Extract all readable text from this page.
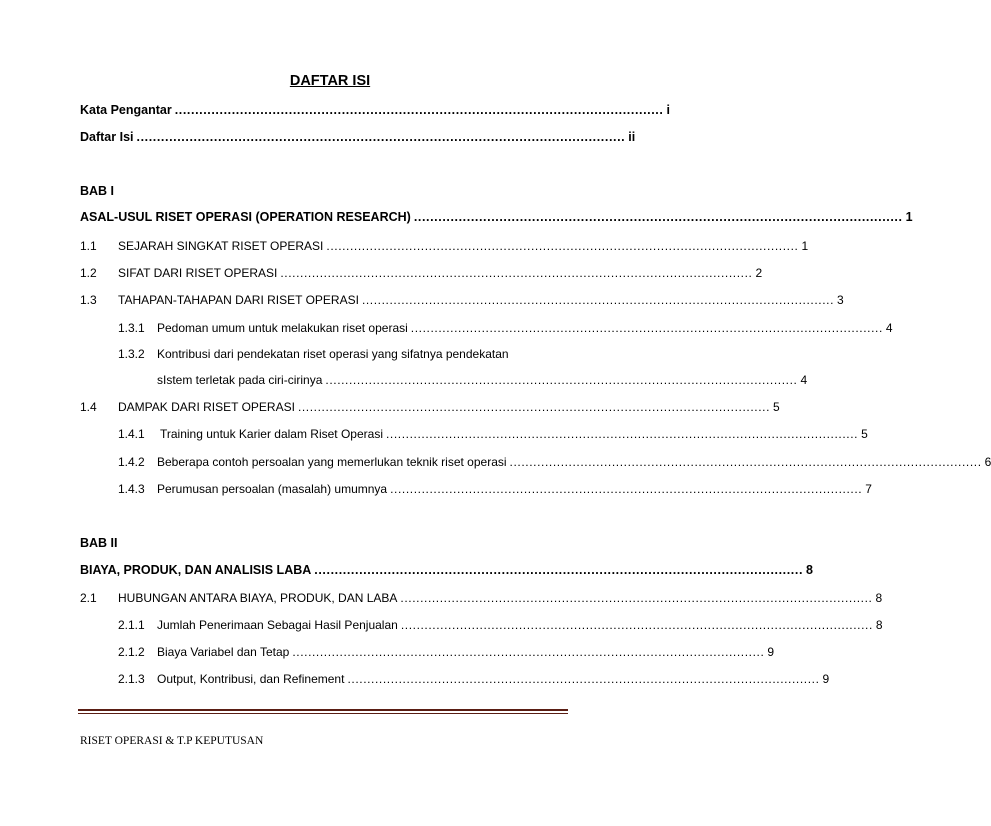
DAFTAR ISI
Kata Pengantar ........................................................................................................................ i
Daftar Isi ........................................................................................................................ ii
BAB I
ASAL-USUL RISET OPERASI (OPERATION RESEARCH) ........................................................................................................................ 1
1.1	SEJARAH SINGKAT RISET OPERASI ........................................................................................................................ 1
1.2	SIFAT DARI RISET OPERASI ........................................................................................................................ 2
1.3	TAHAPAN-TAHAPAN DARI RISET OPERASI ........................................................................................................................ 3
1.3.1	Pedoman umum untuk melakukan riset operasi ........................................................................................................................ 4
1.3.2	Kontribusi dari pendekatan riset operasi yang sifatnya pendekatan
sIstem terletak pada ciri-cirinya ........................................................................................................................ 4
1.4	DAMPAK DARI RISET OPERASI ........................................................................................................................ 5
1.4.1	Training untuk Karier dalam Riset Operasi ........................................................................................................................ 5
1.4.2	Beberapa contoh persoalan yang memerlukan teknik riset operasi ........................................................................................................................ 6
1.4.3	Perumusan persoalan (masalah) umumnya ........................................................................................................................ 7
BAB II
BIAYA, PRODUK, DAN ANALISIS LABA ........................................................................................................................ 8
2.1	HUBUNGAN ANTARA BIAYA, PRODUK, DAN LABA ........................................................................................................................ 8
2.1.1	Jumlah Penerimaan Sebagai Hasil Penjualan ........................................................................................................................ 8
2.1.2	Biaya Variabel dan Tetap ........................................................................................................................ 9
2.1.3	Output, Kontribusi, dan Refinement ........................................................................................................................ 9
RISET OPERASI & T.P KEPUTUSAN
